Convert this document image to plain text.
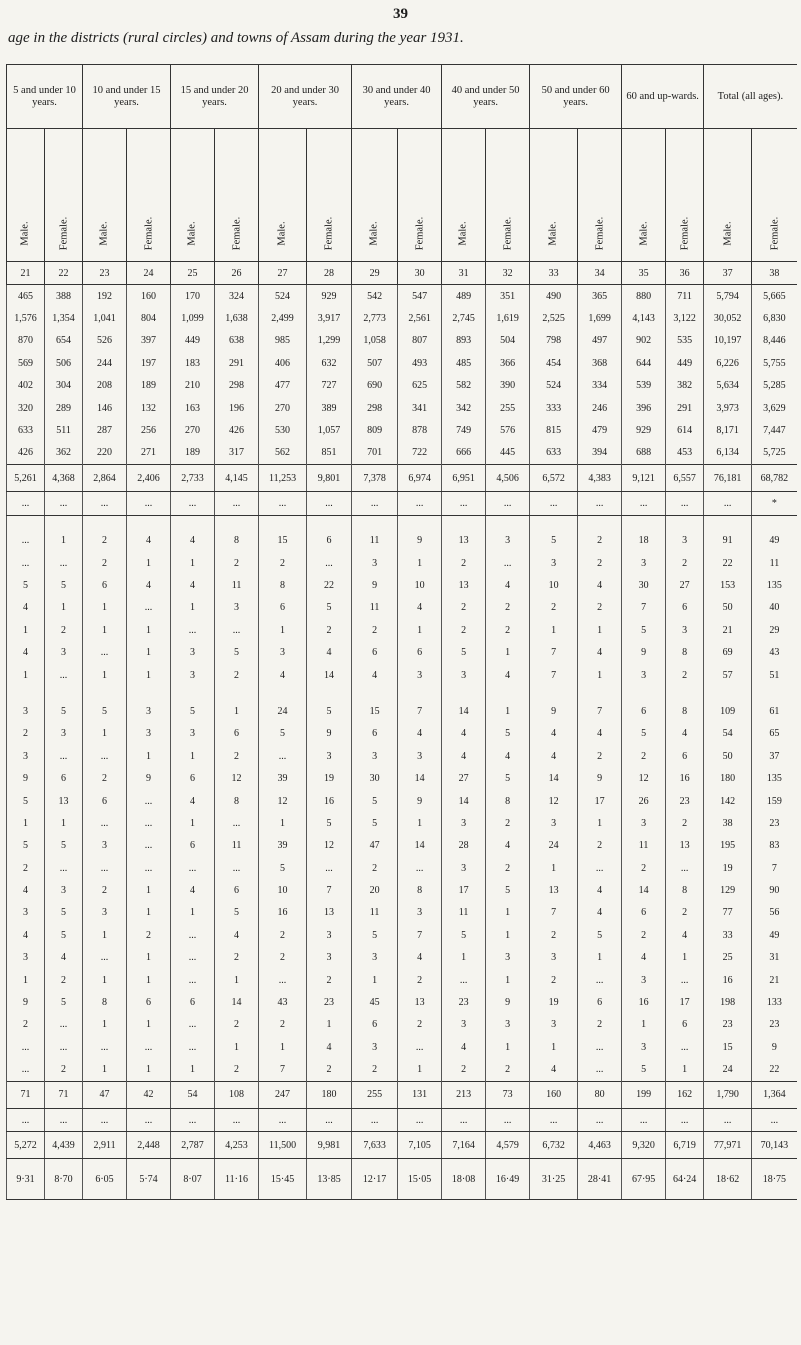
39
age in the districts (rural circles) and towns of Assam during the year 1931.
5 and under 10 years.		10 and under 15 years.		15 and under 20 years.		20 and under 30 years.		30 and under 40 years.		40 and under 50 years.		50 and under 60 years.		60 and up-wards.		Total (all ages).	
Male.	Female.	Male.	Female.	Male.	Female.	Male.	Female.	Male.	Female.	Male.	Female.	Male.	Female.	Male.	Female.	Male.	Female.
21	22	23	24	25	26	27	28	29	30	31	32	33	34	35	36	37	38
465	388	192	160	170	324	524	929	542	547	489	351	490	365	880	711	5,794	5,665
1,576	1,354	1,041	804	1,099	1,638	2,499	3,917	2,773	2,561	2,745	1,619	2,525	1,699	4,143	3,122	30,052	6,830
870	654	526	397	449	638	985	1,299	1,058	807	893	504	798	497	902	535	10,197	8,446
569	506	244	197	183	291	406	632	507	493	485	366	454	368	644	449	6,226	5,755
402	304	208	189	210	298	477	727	690	625	582	390	524	334	539	382	5,634	5,285
320	289	146	132	163	196	270	389	298	341	342	255	333	246	396	291	3,973	3,629
633	511	287	256	270	426	530	1,057	809	878	749	576	815	479	929	614	8,171	7,447
426	362	220	271	189	317	562	851	701	722	666	445	633	394	688	453	6,134	5,725
5,261	4,368	2,864	2,406	2,733	4,145	11,253	9,801	7,378	6,974	6,951	4,506	6,572	4,383	9,121	6,557	76,181	68,782
...	...	...	...	...	...	...	...	...	...	...	...	...	...	...	...	...	*

...	1	2	4	4	8	15	6	11	9	13	3	5	2	18	3	91	49
...	...	2	1	1	2	2	...	3	1	2	...	3	2	3	2	22	11
5	5	6	4	4	11	8	22	9	10	13	4	10	4	30	27	153	135
4	1	1	...	1	3	6	5	11	4	2	2	2	2	7	6	50	40
1	2	1	1	...	...	1	2	2	1	2	2	1	1	5	3	21	29
4	3	...	1	3	5	3	4	6	6	5	1	7	4	9	8	69	43
1	...	1	1	3	2	4	14	4	3	3	4	7	1	3	2	57	51

3	5	5	3	5	1	24	5	15	7	14	1	9	7	6	8	109	61
2	3	1	3	3	6	5	9	6	4	4	5	4	4	5	4	54	65
3	...	...	1	1	2	...	3	3	3	4	4	4	2	2	6	50	37
9	6	2	9	6	12	39	19	30	14	27	5	14	9	12	16	180	135
5	13	6	...	4	8	12	16	5	9	14	8	12	17	26	23	142	159
1	1	...	...	1	...	1	5	5	1	3	2	3	1	3	2	38	23
5	5	3	...	6	11	39	12	47	14	28	4	24	2	11	13	195	83
2	...	...	...	...	...	5	...	2	...	3	2	1	...	2	...	19	7
4	3	2	1	4	6	10	7	20	8	17	5	13	4	14	8	129	90
3	5	3	1	1	5	16	13	11	3	11	1	7	4	6	2	77	56
4	5	1	2	...	4	2	3	5	7	5	1	2	5	2	4	33	49
3	4	...	1	...	2	2	3	3	4	1	3	3	1	4	1	25	31
1	2	1	1	...	1	...	2	1	2	...	1	2	...	3	...	16	21
9	5	8	6	6	14	43	23	45	13	23	9	19	6	16	17	198	133
2	...	1	1	...	2	2	1	6	2	3	3	3	2	1	6	23	23
...	...	...	...	...	1	1	4	3	...	4	1	1	...	3	...	15	9
...	2	1	1	1	2	7	2	2	1	2	2	4	...	5	1	24	22
71	71	47	42	54	108	247	180	255	131	213	73	160	80	199	162	1,790	1,364
...	...	...	...	...	...	...	...	...	...	...	...	...	...	...	...	...	...
5,272	4,439	2,911	2,448	2,787	4,253	11,500	9,981	7,633	7,105	7,164	4,579	6,732	4,463	9,320	6,719	77,971	70,143
9·31	8·70	6·05	5·74	8·07	11·16	15·45	13·85	12·17	15·05	18·08	16·49	31·25	28·41	67·95	64·24	18·62	18·75
